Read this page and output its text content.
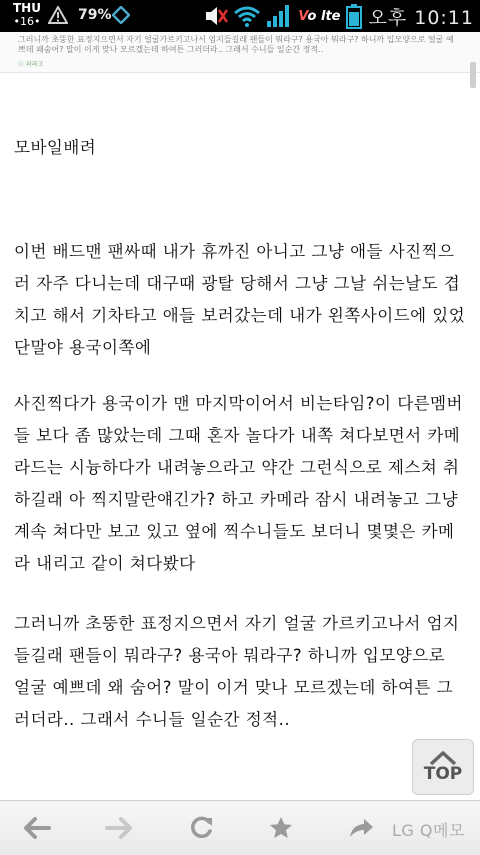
THU
•16•	79%	Vo lte 오후 10:11
그러니까 초뚱한 표정지으면서 자기 얼굴가르키고나서 엄지들길래 팬들이 뭐라구? 용국아 뭐라구? 하니까 입모양으로 얼굴 예쁘데 왜숨어? 말이 이게 맞나 모르겠는데 하여튼 그러더라.. 그래서 수니들 일순간 정적..
ⓒ 파파고
모바일배려

이번 배드맨 팬싸때 내가 휴까진 아니고 그냥 애들 사진찍으러 자주 다니는데 대구때 광탈 당해서 그냥 그날 쉬는날도 겹치고 해서 기차타고 애들 보러갔는데 내가 왼쪽사이드에 있었단말야 용국이쪽에

사진찍다가 용국이가 맨 마지막이어서 비는타임?이 다른멤버들 보다 좀 많았는데 그때 혼자 놀다가 내쪽 쳐다보면서 카메라드는 시늉하다가 내려놓으라고 약간 그런식으로 제스쳐 취하길래 아 찍지말란얘긴가? 하고 카메라 잠시 내려놓고 그냥 계속 쳐다만 보고 있고 옆에 찍수니들도 보더니 몇몇은 카메라 내리고 같이 쳐다봤다

그러니까 초뚱한 표정지으면서 자기 얼굴 가르키고나서 엄지들길래 팬들이 뭐라구? 용국아 뭐라구? 하니까 입모양으로 얼굴 예쁘데 왜 숨어? 말이 이거 맞나 모르겠는데 하여튼 그러더라.. 그래서 수니들 일순간 정적..

TOP
LG Q메모
